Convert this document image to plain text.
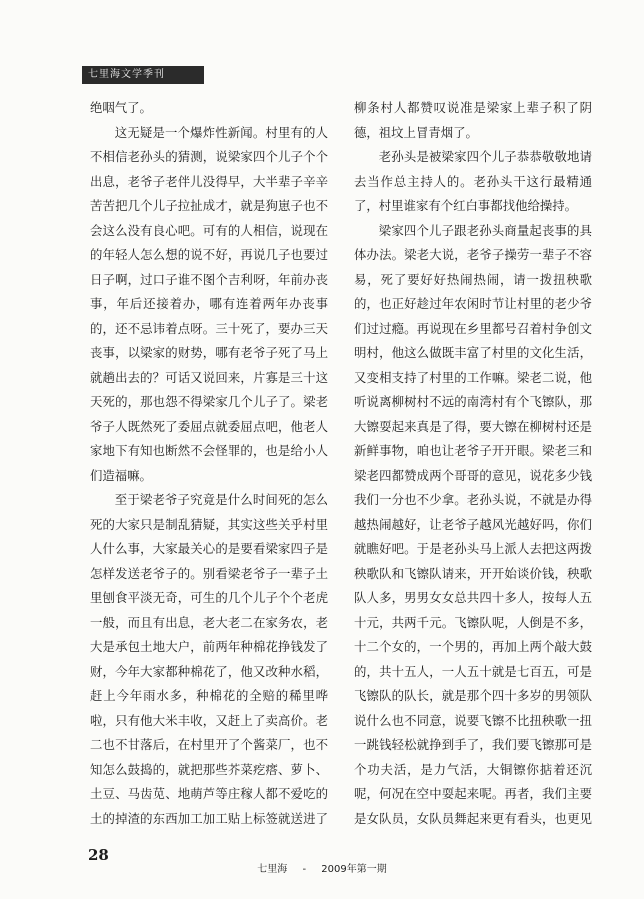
七里海文学季刊

绝咽气了。

这无疑是一个爆炸性新闻。村里有的人不相信老孙头的猜测，说梁家四个儿子个个出息，老爷子老伴儿没得早，大半辈子辛辛苦苦把几个儿子拉扯成才，就是狗崽子也不会这么没有良心吧。可有的人相信，说现在的年轻人怎么想的说不好，再说几子也要过日子啊，过口子谁不图个吉利呀，年前办丧事，年后还接着办，哪有连着两年办丧事的，还不忌讳着点呀。三十死了，要办三天丧事，以梁家的财势，哪有老爷子死了马上就趟出去的？可话又说回来，片寡是三十这天死的，那也怨不得梁家几个儿子了。梁老爷子人既然死了委屈点就委屈点吧，他老人家地下有知也断然不会怪罪的，也是给小人们造福嘛。

至于梁老爷子究竟是什么时间死的怎么死的大家只是制乱猜疑，其实这些关乎村里人什么事，大家最关心的是要看梁家四子是怎样发送老爷子的。别看梁老爷子一辈子土里刨食平淡无奇，可生的几个儿子个个老虎一般，而且有出息，老大老二在家务农，老大是承包土地大户，前两年种棉花挣钱发了财，今年大家都种棉花了，他又改种水稻，赶上今年雨水多，种棉花的全赔的稀里哗啦，只有他大米丰收，又赶上了卖高价。老二也不甘落后，在村里开了个酱菜厂，也不知怎么鼓捣的，就把那些芥菜疙瘩、萝卜、土豆、马齿苋、地萌芦等庄稼人都不爱吃的土的掉渣的东西加工加工贴上标签就送进了

柳条村人都赞叹说准是梁家上辈子积了阴德，祖坟上冒青烟了。

老孙头是被梁家四个儿子恭恭敬敬地请去当作总主持人的。老孙头干这行最精通了，村里谁家有个红白事都找他给操持。

梁家四个儿子跟老孙头商量起丧事的具体办法。梁老大说，老爷子操劳一辈子不容易，死了要好好热闹热闹，请一拨扭秧歌的，也正好趁过年农闲时节让村里的老少爷们过过瘾。再说现在乡里都号召着村争创文明村，他这么做既丰富了村里的文化生活，又变相支持了村里的工作嘛。梁老二说，他听说离柳树村不远的南湾村有个飞镲队，那大镲耍起来真是了得，要大镲在柳树村还是新鲜事物，咱也让老爷子开开眼。梁老三和梁老四都赞成两个哥哥的意见，说花多少钱我们一分也不少拿。老孙头说，不就是办得越热闹越好，让老爷子越风光越好吗，你们就瞧好吧。于是老孙头马上派人去把这两拨秧歌队和飞镲队请来，开开始谈价钱，秧歌队人多，男男女女总共四十多人，按每人五十元，共两千元。飞镲队呢，人倒是不多，十二个女的，一个男的，再加上两个敲大鼓的，共十五人，一人五十就是七百五，可是飞镲队的队长，就是那个四十多岁的男领队说什么也不同意，说要飞镲不比扭秧歌一扭一跳钱轻松就挣到手了，我们要飞镲那可是个功夫活，是力气活，大铜镲你掂着还沉呢，何况在空中耍起来呢。再者，我们主要是女队员，女队员舞起来更有看头，也更见

28
七里海 - 2009年第一期
